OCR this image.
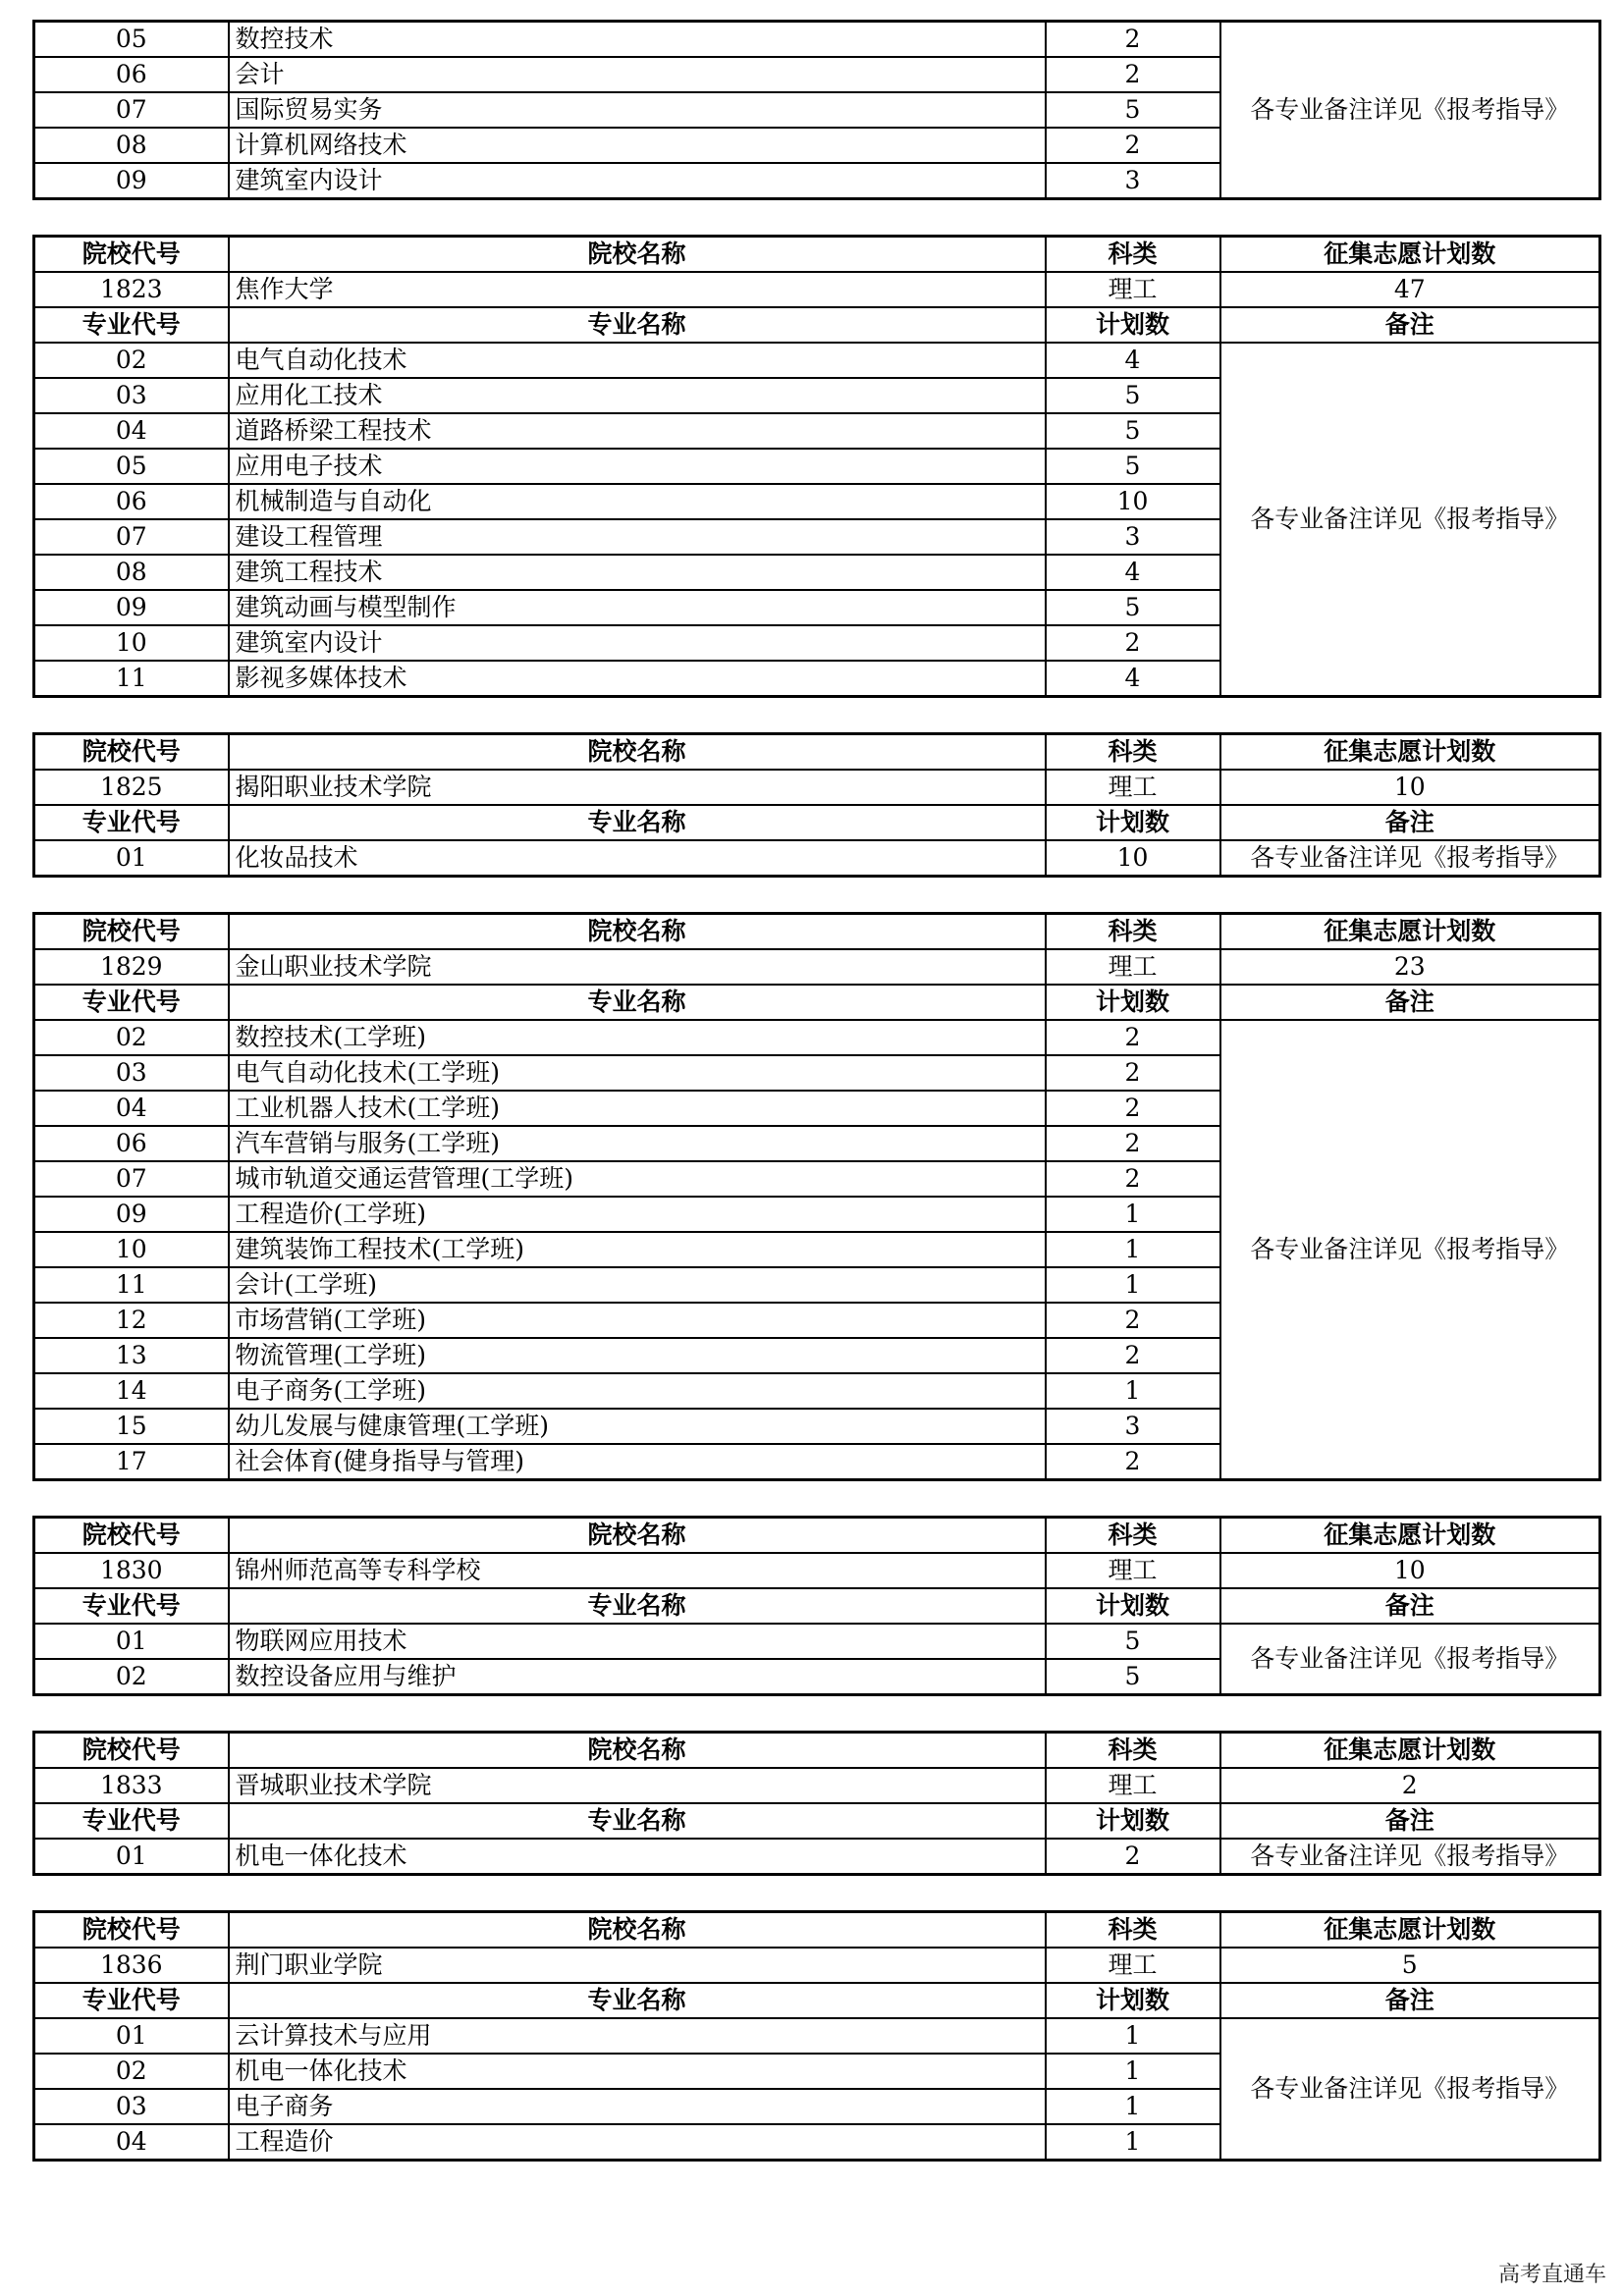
05	数控技术	2	各专业备注详见《报考指导》
06	会计	2	
07	国际贸易实务	5	
08	计算机网络技术	2	
09	建筑室内设计	3	
院校代号	院校名称	科类	征集志愿计划数
1823	焦作大学	理工	47
专业代号	专业名称	计划数	备注
02	电气自动化技术	4	各专业备注详见《报考指导》
03	应用化工技术	5	
04	道路桥梁工程技术	5	
05	应用电子技术	5	
06	机械制造与自动化	10	
07	建设工程管理	3	
08	建筑工程技术	4	
09	建筑动画与模型制作	5	
10	建筑室内设计	2	
11	影视多媒体技术	4	
院校代号	院校名称	科类	征集志愿计划数
1825	揭阳职业技术学院	理工	10
专业代号	专业名称	计划数	备注
01	化妆品技术	10	各专业备注详见《报考指导》
院校代号	院校名称	科类	征集志愿计划数
1829	金山职业技术学院	理工	23
专业代号	专业名称	计划数	备注
02	数控技术(工学班)	2	各专业备注详见《报考指导》
03	电气自动化技术(工学班)	2	
04	工业机器人技术(工学班)	2	
06	汽车营销与服务(工学班)	2	
07	城市轨道交通运营管理(工学班)	2	
09	工程造价(工学班)	1	
10	建筑装饰工程技术(工学班)	1	
11	会计(工学班)	1	
12	市场营销(工学班)	2	
13	物流管理(工学班)	2	
14	电子商务(工学班)	1	
15	幼儿发展与健康管理(工学班)	3	
17	社会体育(健身指导与管理)	2	
院校代号	院校名称	科类	征集志愿计划数
1830	锦州师范高等专科学校	理工	10
专业代号	专业名称	计划数	备注
01	物联网应用技术	5	各专业备注详见《报考指导》
02	数控设备应用与维护	5	
院校代号	院校名称	科类	征集志愿计划数
1833	晋城职业技术学院	理工	2
专业代号	专业名称	计划数	备注
01	机电一体化技术	2	各专业备注详见《报考指导》
院校代号	院校名称	科类	征集志愿计划数
1836	荆门职业学院	理工	5
专业代号	专业名称	计划数	备注
01	云计算技术与应用	1	各专业备注详见《报考指导》
02	机电一体化技术	1	
03	电子商务	1	
04	工程造价	1	
高考直通车
